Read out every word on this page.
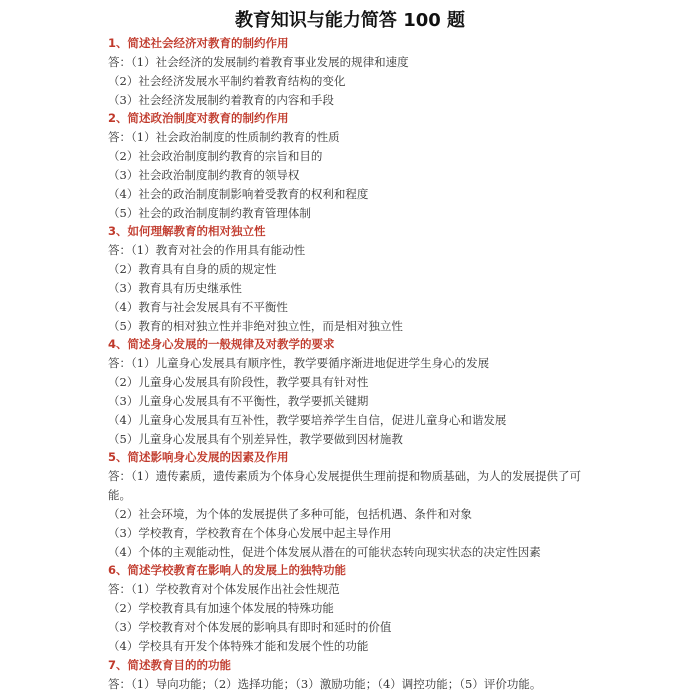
教育知识与能力简答 100 题
1、简述社会经济对教育的制约作用
答：（1）社会经济的发展制约着教育事业发展的规律和速度
（2）社会经济发展水平制约着教育结构的变化
（3）社会经济发展制约着教育的内容和手段
2、简述政治制度对教育的制约作用
答：（1）社会政治制度的性质制约教育的性质
（2）社会政治制度制约教育的宗旨和目的
（3）社会政治制度制约教育的领导权
（4）社会的政治制度制影响着受教育的权利和程度
（5）社会的政治制度制约教育管理体制
3、如何理解教育的相对独立性
答：（1）教育对社会的作用具有能动性
（2）教育具有自身的质的规定性
（3）教育具有历史继承性
（4）教育与社会发展具有不平衡性
（5）教育的相对独立性并非绝对独立性，而是相对独立性
4、简述身心发展的一般规律及对教学的要求
答：（1）儿童身心发展具有顺序性，教学要循序渐进地促进学生身心的发展
（2）儿童身心发展具有阶段性，教学要具有针对性
（3）儿童身心发展具有不平衡性，教学要抓关键期
（4）儿童身心发展具有互补性，教学要培养学生自信，促进儿童身心和谐发展
（5）儿童身心发展具有个别差异性，教学要做到因材施教
5、简述影响身心发展的因素及作用
答：（1）遗传素质，遗传素质为个体身心发展提供生理前提和物质基础，为人的发展提供了可能。
（2）社会环境，为个体的发展提供了多种可能，包括机遇、条件和对象
（3）学校教育，学校教育在个体身心发展中起主导作用
（4）个体的主观能动性，促进个体发展从潜在的可能状态转向现实状态的决定性因素
6、简述学校教育在影响人的发展上的独特功能
答：（1）学校教育对个体发展作出社会性规范
（2）学校教育具有加速个体发展的特殊功能
（3）学校教育对个体发展的影响具有即时和延时的价值
（4）学校具有开发个体特殊才能和发展个性的功能
7、简述教育目的的功能
答：（1）导向功能；（2）选择功能；（3）激励功能；（4）调控功能；（5）评价功能。
